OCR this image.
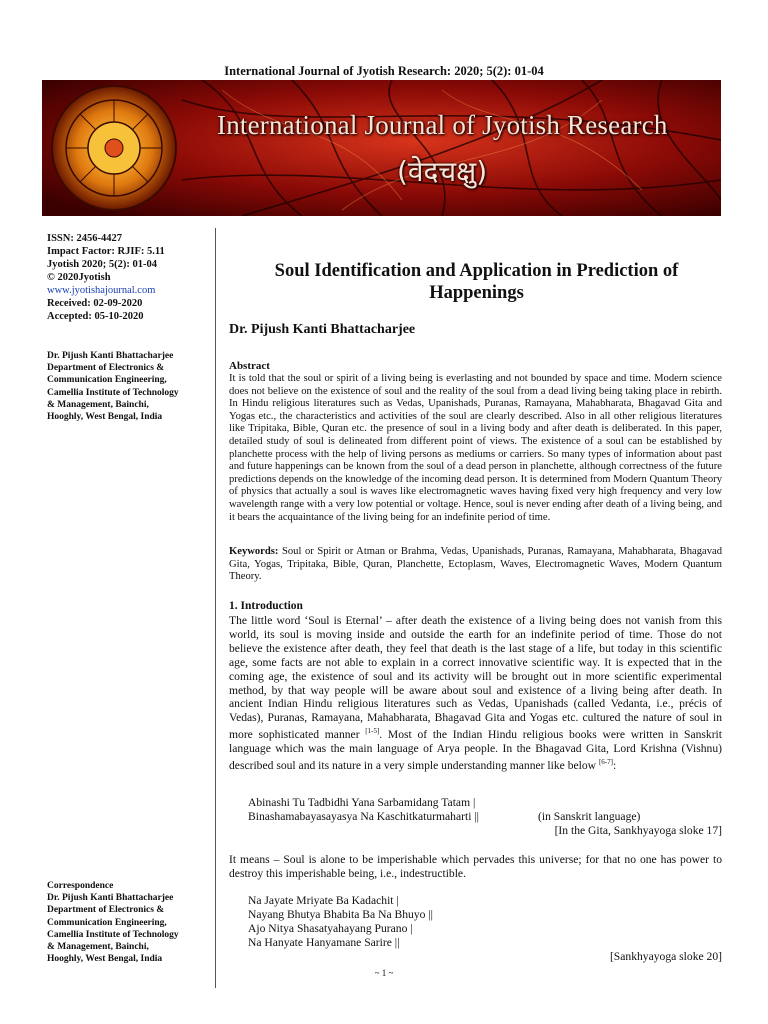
International Journal of Jyotish Research: 2020; 5(2): 01-04
International Journal of Jyotish Research
(वेदचक्षु)
ISSN: 2456-4427
Impact Factor: RJIF: 5.11
Jyotish 2020; 5(2): 01-04
© 2020Jyotish
www.jyotishajournal.com
Received: 02-09-2020
Accepted: 05-10-2020
Dr. Pijush Kanti Bhattacharjee
Department of Electronics &
Communication Engineering,
Camellia Institute of Technology
& Management, Bainchi,
Hooghly, West Bengal, India
Correspondence
Dr. Pijush Kanti Bhattacharjee
Department of Electronics &
Communication Engineering,
Camellia Institute of Technology
& Management, Bainchi,
Hooghly, West Bengal, India
Soul Identification and Application in Prediction of
Happenings
Dr. Pijush Kanti Bhattacharjee
Abstract
It is told that the soul or spirit of a living being is everlasting and not bounded by space and time. Modern science does not believe on the existence of soul and the reality of the soul from a dead living being taking place in rebirth. In Hindu religious literatures such as Vedas, Upanishads, Puranas, Ramayana, Mahabharata, Bhagavad Gita and Yogas etc., the characteristics and activities of the soul are clearly described. Also in all other religious literatures like Tripitaka, Bible, Quran etc. the presence of soul in a living body and after death is deliberated. In this paper, detailed study of soul is delineated from different point of views. The existence of a soul can be established by planchette process with the help of living persons as mediums or carriers. So many types of information about past and future happenings can be known from the soul of a dead person in planchette, although correctness of the future predictions depends on the knowledge of the incoming dead person. It is determined from Modern Quantum Theory of physics that actually a soul is waves like electromagnetic waves having fixed very high frequency and very low wavelength range with a very low potential or voltage. Hence, soul is never ending after death of a living being, and it bears the acquaintance of the living being for an indefinite period of time.
Keywords: Soul or Spirit or Atman or Brahma, Vedas, Upanishads, Puranas, Ramayana, Mahabharata, Bhagavad Gita, Yogas, Tripitaka, Bible, Quran, Planchette, Ectoplasm, Waves, Electromagnetic Waves, Modern Quantum Theory.
1. Introduction
The little word ‘Soul is Eternal’ – after death the existence of a living being does not vanish from this world, its soul is moving inside and outside the earth for an indefinite period of time. Those do not believe the existence after death, they feel that death is the last stage of a life, but today in this scientific age, some facts are not able to explain in a correct innovative scientific way. It is expected that in the coming age, the existence of soul and its activity will be brought out in more scientific experimental method, by that way people will be aware about soul and existence of a living being after death. In ancient Indian Hindu religious literatures such as Vedas, Upanishads (called Vedanta, i.e., précis of Vedas), Puranas, Ramayana, Mahabharata, Bhagavad Gita and Yogas etc. cultured the nature of soul in more sophisticated manner [1-5]. Most of the Indian Hindu religious books were written in Sanskrit language which was the main language of Arya people. In the Bhagavad Gita, Lord Krishna (Vishnu) described soul and its nature in a very simple understanding manner like below [6-7]:
Abinashi Tu Tadbidhi Yana Sarbamidang Tatam |
Binashamabayasayasya Na Kaschitkaturmaharti ||	(in Sanskrit language)
[In the Gita, Sankhyayoga sloke 17]
It means – Soul is alone to be imperishable which pervades this universe; for that no one has power to destroy this imperishable being, i.e., indestructible.
Na Jayate Mriyate Ba Kadachit |
Nayang Bhutya Bhabita Ba Na Bhuyo ||
Ajo Nitya Shasatyahayang Purano |
Na Hanyate Hanyamane Sarire ||
[Sankhyayoga sloke 20]
~ 1 ~
